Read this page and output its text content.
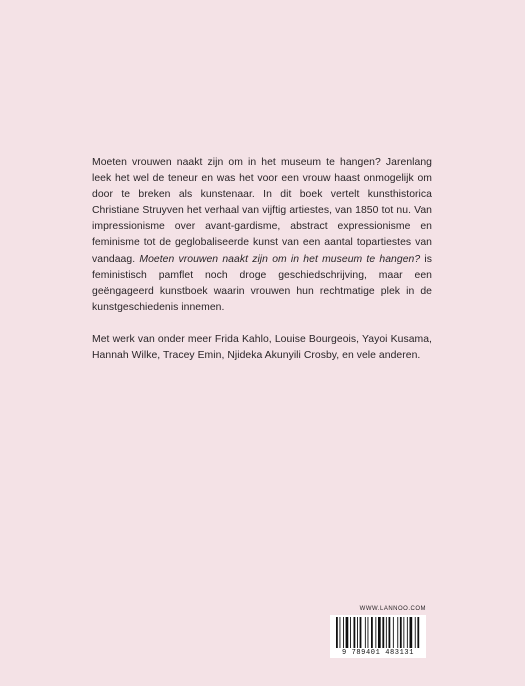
Moeten vrouwen naakt zijn om in het museum te hangen? Jarenlang leek het wel de teneur en was het voor een vrouw haast onmogelijk om door te breken als kunstenaar. In dit boek vertelt kunsthistorica Christiane Struyven het verhaal van vijftig artiestes, van 1850 tot nu. Van impressionisme over avant-gardisme, abstract expressionisme en feminisme tot de geglobaliseerde kunst van een aantal topartiestes van vandaag. Moeten vrouwen naakt zijn om in het museum te hangen? is feministisch pamflet noch droge geschiedschrijving, maar een geëngageerd kunstboek waarin vrouwen hun rechtmatige plek in de kunstgeschiedenis innemen.

Met werk van onder meer Frida Kahlo, Louise Bourgeois, Yayoi Kusama, Hannah Wilke, Tracey Emin, Njideka Akunyili Crosby, en vele anderen.

WWW.LANNOO.COM
9 789401 483131
